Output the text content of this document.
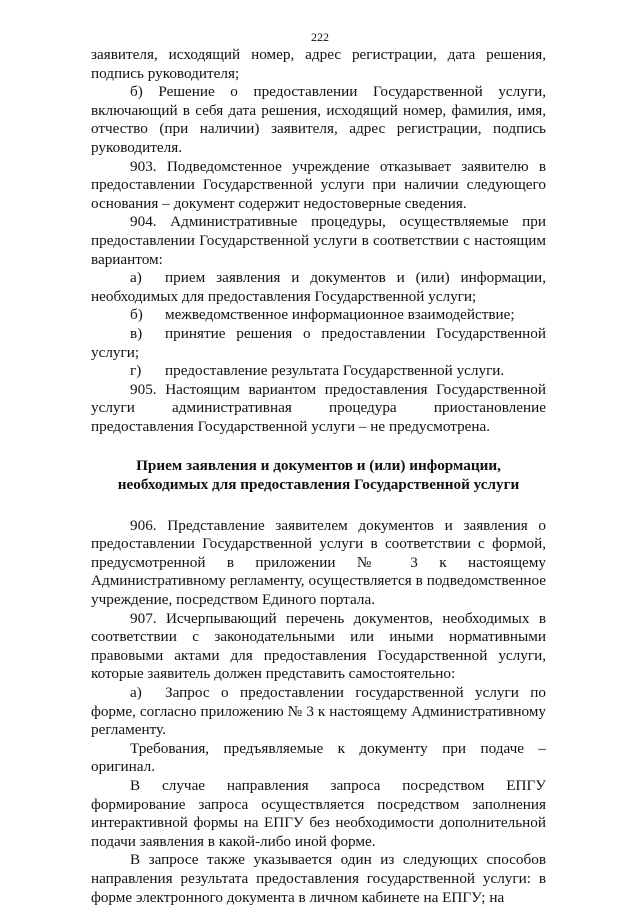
222

заявителя, исходящий номер, адрес регистрации, дата решения, подпись руководителя;

б) Решение о предоставлении Государственной услуги, включающий в себя дата решения, исходящий номер, фамилия, имя, отчество (при наличии) заявителя, адрес регистрации, подпись руководителя.

903. Подведомстенное учреждение отказывает заявителю в предоставлении Государственной услуги при наличии следующего основания – документ содержит недостоверные сведения.

904. Административные процедуры, осуществляемые при предоставлении Государственной услуги в соответствии с настоящим вариантом:

а) прием заявления и документов и (или) информации, необходимых для предоставления Государственной услуги;

б) межведомственное информационное взаимодействие;

в) принятие решения о предоставлении Государственной услуги;

г) предоставление результата Государственной услуги.

905. Настоящим вариантом предоставления Государственной услуги административная процедура приостановление предоставления Государственной услуги – не предусмотрена.

Прием заявления и документов и (или) информации,
необходимых для предоставления Государственной услуги

906. Представление заявителем документов и заявления о предоставлении Государственной услуги в соответствии с формой, предусмотренной в приложении № 3 к настоящему Административному регламенту, осуществляется в подведомственное учреждение, посредством Единого портала.

907. Исчерпывающий перечень документов, необходимых в соответствии с законодательными или иными нормативными правовыми актами для предоставления Государственной услуги, которые заявитель должен представить самостоятельно:

а) Запрос о предоставлении государственной услуги по форме, согласно приложению № 3 к настоящему Административному регламенту.

Требования, предъявляемые к документу при подаче – оригинал.

В случае направления запроса посредством ЕПГУ формирование запроса осуществляется посредством заполнения интерактивной формы на ЕПГУ без необходимости дополнительной подачи заявления в какой-либо иной форме.

В запросе также указывается один из следующих способов направления результата предоставления государственной услуги: в форме электронного документа в личном кабинете на ЕПГУ; на
